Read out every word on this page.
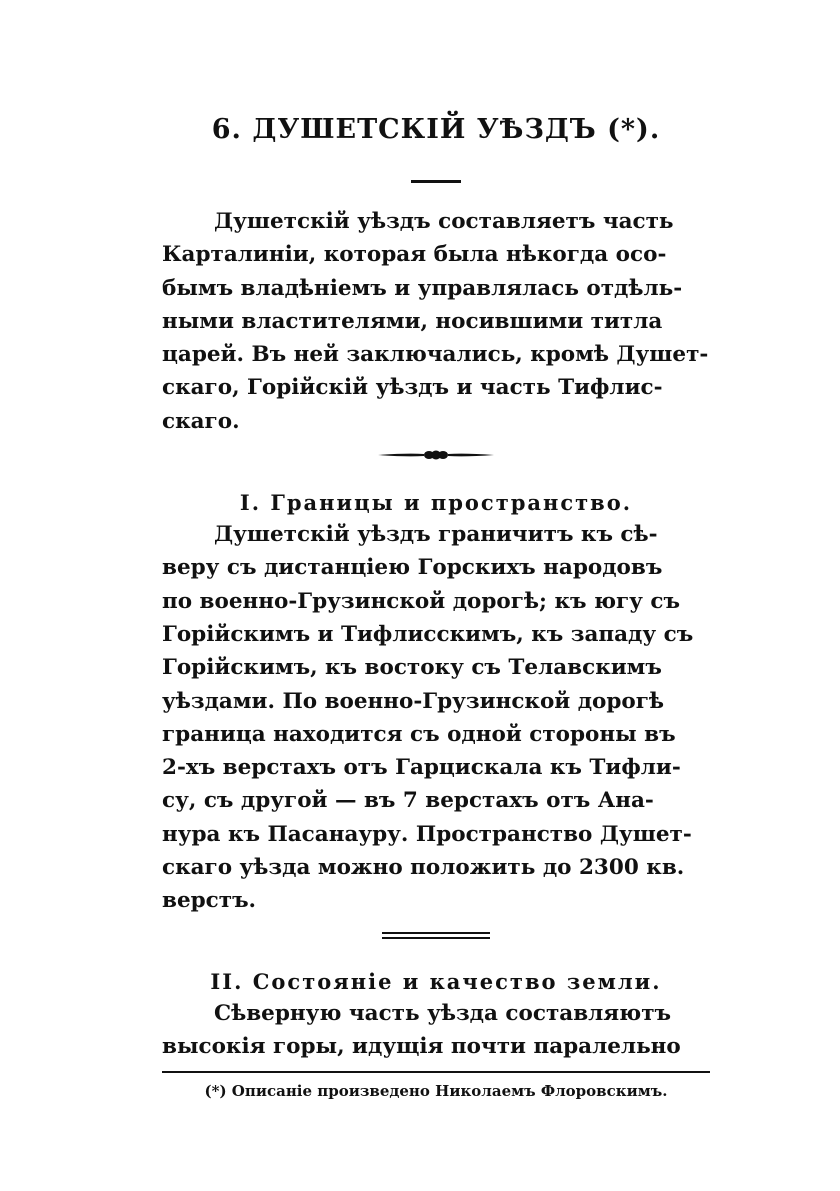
6. ДУШЕТСКІЙ УѢЗДЪ (*).

Душетскій уѣздъ составляетъ часть

Карталиніи, которая была нѣкогда осо-

бымъ владѣніемъ и управлялась отдѣль-

ными властителями, носившими титла

царей. Въ ней заключались, кромѣ Душет-

скаго, Горійскій уѣздъ и часть Тифлис-

скаго.

I. Границы и пространство.

Душетскій уѣздъ граничитъ къ сѣ-

веру съ дистанціею Горскихъ народовъ

по военно-Грузинской дорогѣ; къ югу съ

Горійскимъ и Тифлисскимъ, къ западу съ

Горійскимъ, къ востоку съ Телавскимъ

уѣздами. По военно-Грузинской дорогѣ

граница находится съ одной стороны въ

2-хъ верстахъ отъ Гарцискала къ Тифли-

су, съ другой — въ 7 верстахъ отъ Ана-

нура къ Пасанауру. Пространство Душет-

скаго уѣзда можно положить до 2300 кв.

верстъ.

II. Состояніе и качество земли.

Сѣверную часть уѣзда составляютъ

высокія горы, идущія почти паралельно

(*) Описаніе произведено Николаемъ Флоровскимъ.
